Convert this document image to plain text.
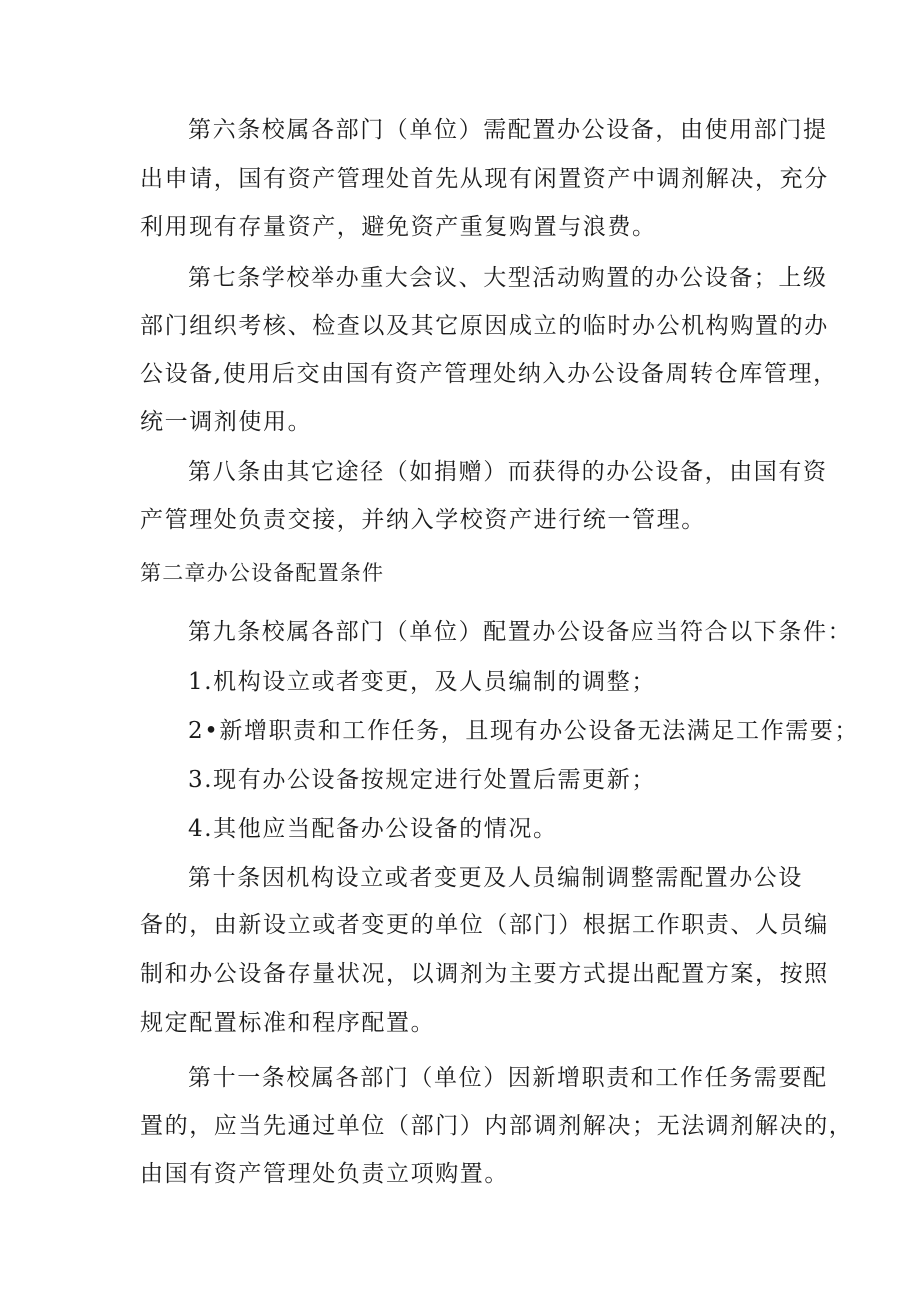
第六条校属各部门（单位）需配置办公设备，由使用部门提
出申请，国有资产管理处首先从现有闲置资产中调剂解决，充分
利用现有存量资产，避免资产重复购置与浪费。
第七条学校举办重大会议、大型活动购置的办公设备；上级
部门组织考核、检查以及其它原因成立的临时办公机构购置的办
公设备,使用后交由国有资产管理处纳入办公设备周转仓库管理，
统一调剂使用。
第八条由其它途径（如捐赠）而获得的办公设备，由国有资
产管理处负责交接，并纳入学校资产进行统一管理。
第二章办公设备配置条件
第九条校属各部门（单位）配置办公设备应当符合以下条件：
1.机构设立或者变更，及人员编制的调整；
2•新增职责和工作任务，且现有办公设备无法满足工作需要；
3.现有办公设备按规定进行处置后需更新；
4.其他应当配备办公设备的情况。
第十条因机构设立或者变更及人员编制调整需配置办公设
备的，由新设立或者变更的单位（部门）根据工作职责、人员编
制和办公设备存量状况，以调剂为主要方式提出配置方案，按照
规定配置标准和程序配置。
第十一条校属各部门（单位）因新增职责和工作任务需要配
置的，应当先通过单位（部门）内部调剂解决；无法调剂解决的，
由国有资产管理处负责立项购置。
